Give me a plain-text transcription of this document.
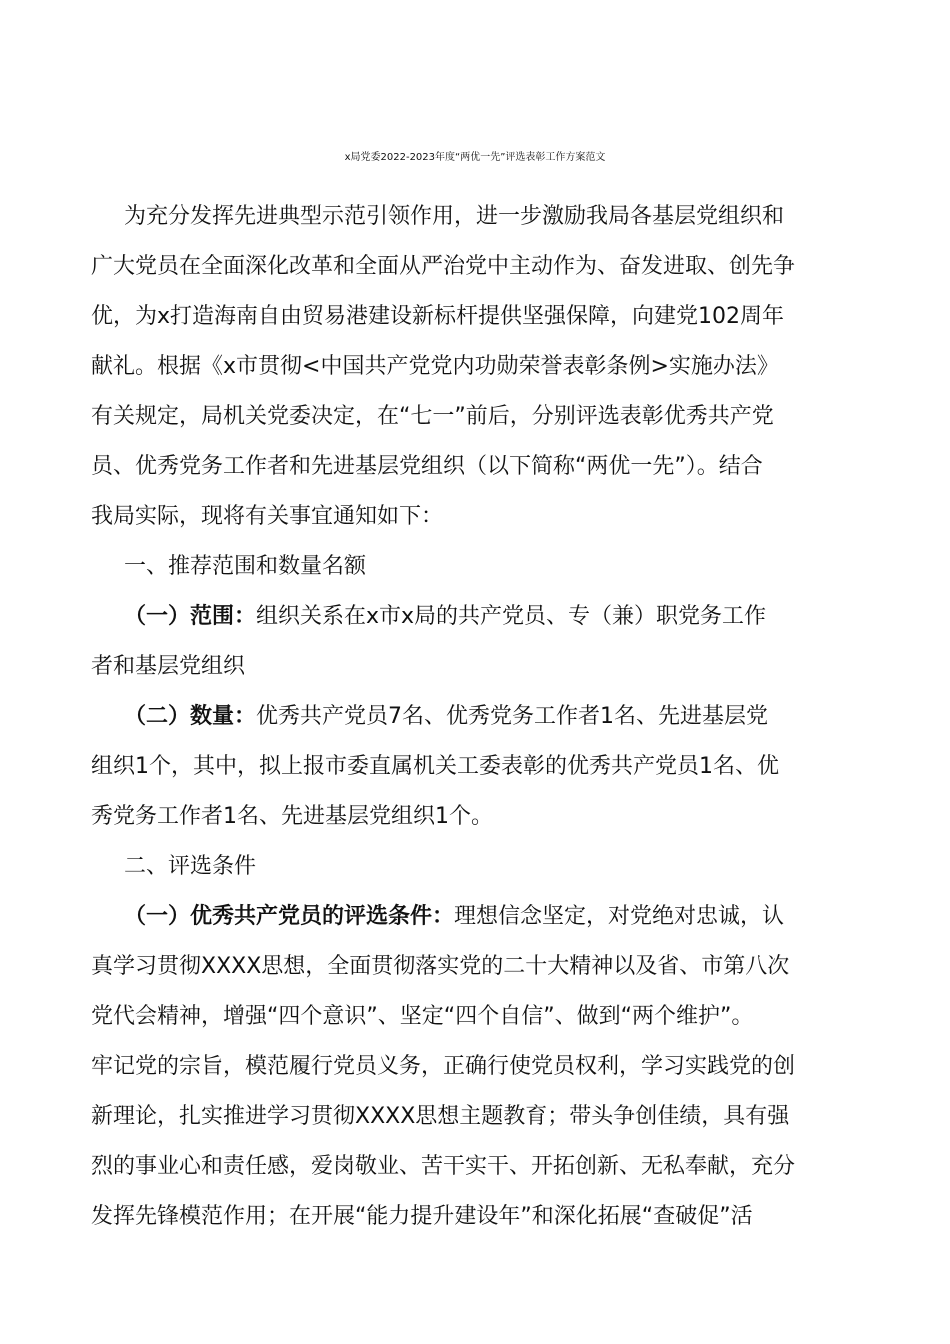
x局党委2022-2023年度“两优一先”评选表彰工作方案范文
为充分发挥先进典型示范引领作用，进一步激励我局各基层党组织和
广大党员在全面深化改革和全面从严治党中主动作为、奋发进取、创先争
优，为x打造海南自由贸易港建设新标杆提供坚强保障，向建党102周年
献礼。根据《x市贯彻<中国共产党党内功勋荣誉表彰条例>实施办法》
有关规定，局机关党委决定，在“七一”前后，分别评选表彰优秀共产党
员、优秀党务工作者和先进基层党组织（以下简称“两优一先”）。结合
我局实际，现将有关事宜通知如下：
一、推荐范围和数量名额
（一）范围：组织关系在x市x局的共产党员、专（兼）职党务工作
者和基层党组织
（二）数量：优秀共产党员7名、优秀党务工作者1名、先进基层党
组织1个，其中，拟上报市委直属机关工委表彰的优秀共产党员1名、优
秀党务工作者1名、先进基层党组织1个。
二、评选条件
（一）优秀共产党员的评选条件：理想信念坚定，对党绝对忠诚，认
真学习贯彻XXXX思想，全面贯彻落实党的二十大精神以及省、市第八次
党代会精神，增强“四个意识”、坚定“四个自信”、做到“两个维护”。
牢记党的宗旨，模范履行党员义务，正确行使党员权利，学习实践党的创
新理论，扎实推进学习贯彻XXXX思想主题教育；带头争创佳绩，具有强
烈的事业心和责任感，爱岗敬业、苦干实干、开拓创新、无私奉献，充分
发挥先锋模范作用；在开展“能力提升建设年”和深化拓展“查破促”活
